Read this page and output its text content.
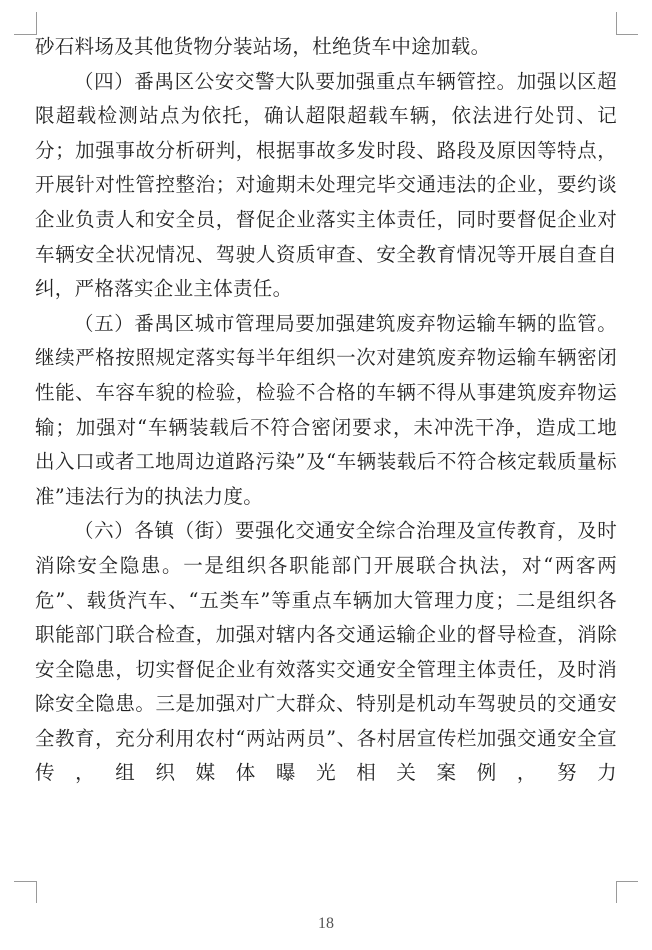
砂石料场及其他货物分装站场，杜绝货车中途加载。

（四）番禺区公安交警大队要加强重点车辆管控。加强以区超限超载检测站点为依托，确认超限超载车辆，依法进行处罚、记分；加强事故分析研判，根据事故多发时段、路段及原因等特点，开展针对性管控整治；对逾期未处理完毕交通违法的企业，要约谈企业负责人和安全员，督促企业落实主体责任，同时要督促企业对车辆安全状况情况、驾驶人资质审查、安全教育情况等开展自查自纠，严格落实企业主体责任。

（五）番禺区城市管理局要加强建筑废弃物运输车辆的监管。继续严格按照规定落实每半年组织一次对建筑废弃物运输车辆密闭性能、车容车貌的检验，检验不合格的车辆不得从事建筑废弃物运输；加强对“车辆装载后不符合密闭要求，未冲洗干净，造成工地出入口或者工地周边道路污染”及“车辆装载后不符合核定载质量标准”违法行为的执法力度。

（六）各镇（街）要强化交通安全综合治理及宣传教育，及时消除安全隐患。一是组织各职能部门开展联合执法，对“两客两危”、载货汽车、“五类车”等重点车辆加大管理力度；二是组织各职能部门联合检查，加强对辖内各交通运输企业的督导检查，消除安全隐患，切实督促企业有效落实交通安全管理主体责任，及时消除安全隐患。三是加强对广大群众、特别是机动车驾驶员的交通安全教育，充分利用农村“两站两员”、各村居宣传栏加强交通安全宣传，组织媒体曝光相关案例，努力

18
